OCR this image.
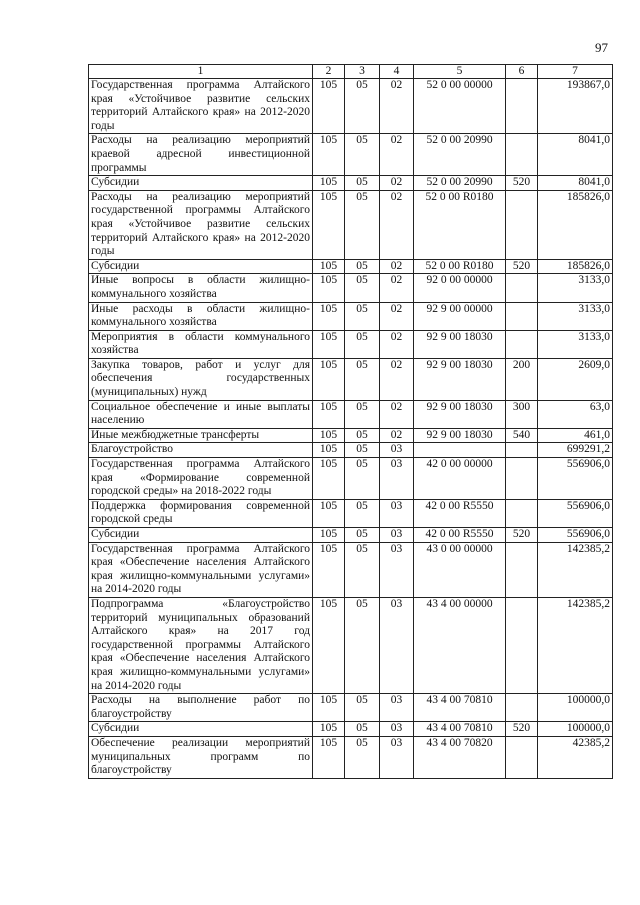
97
1	2	3	4	5	6	7
Государственная программа Алтайского края «Устойчивое развитие сельских территорий Алтайского края» на 2012-2020 годы	105	05	02	52 0 00 00000		193867,0
Расходы на реализацию мероприятий краевой адресной инвестиционной программы	105	05	02	52 0 00 20990		8041,0
Субсидии	105	05	02	52 0 00 20990	520	8041,0
Расходы на реализацию мероприятий государственной программы Алтайского края «Устойчивое развитие сельских территорий Алтайского края» на 2012-2020 годы	105	05	02	52 0 00 R0180		185826,0
Субсидии	105	05	02	52 0 00 R0180	520	185826,0
Иные вопросы в области жилищно-коммунального хозяйства	105	05	02	92 0 00 00000		3133,0
Иные расходы в области жилищно-коммунального хозяйства	105	05	02	92 9 00 00000		3133,0
Мероприятия в области коммунального хозяйства	105	05	02	92 9 00 18030		3133,0
Закупка товаров, работ и услуг для обеспечения государственных (муниципальных) нужд	105	05	02	92 9 00 18030	200	2609,0
Социальное обеспечение и иные выплаты населению	105	05	02	92 9 00 18030	300	63,0
Иные межбюджетные трансферты	105	05	02	92 9 00 18030	540	461,0
Благоустройство	105	05	03			699291,2
Государственная программа Алтайского края «Формирование современной городской среды» на 2018-2022 годы	105	05	03	42 0 00 00000		556906,0
Поддержка формирования современной городской среды	105	05	03	42 0 00 R5550		556906,0
Субсидии	105	05	03	42 0 00 R5550	520	556906,0
Государственная программа Алтайского края «Обеспечение населения Алтайского края жилищно-коммунальными услугами» на 2014-2020 годы	105	05	03	43 0 00 00000		142385,2
Подпрограмма «Благоустройство территорий муниципальных образований Алтайского края» на 2017 год государственной программы Алтайского края «Обеспечение населения Алтайского края жилищно-коммунальными услугами» на 2014-2020 годы	105	05	03	43 4 00 00000		142385,2
Расходы на выполнение работ по благоустройству	105	05	03	43 4 00 70810		100000,0
Субсидии	105	05	03	43 4 00 70810	520	100000,0
Обеспечение реализации мероприятий муниципальных программ по благоустройству	105	05	03	43 4 00 70820		42385,2
